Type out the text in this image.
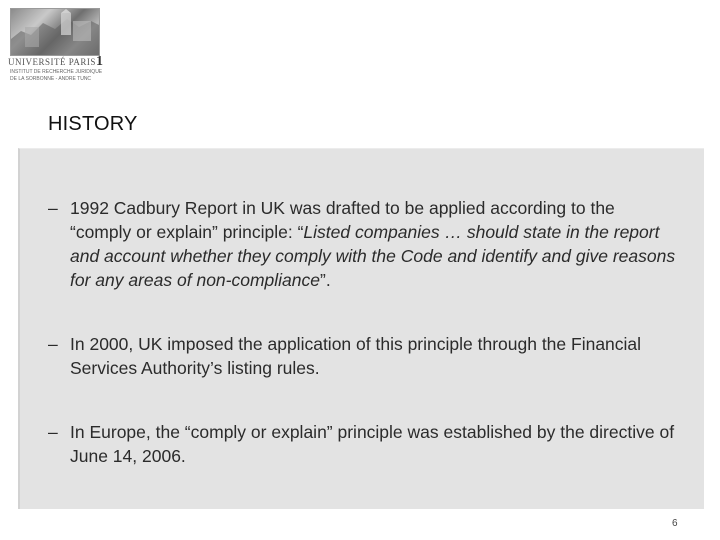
UNIVERSITÉ PARIS1
INSTITUT DE RECHERCHE JURIDIQUE
DE LA SORBONNE - ANDRÉ TUNC
HISTORY
– 1992 Cadbury Report in UK was drafted to be applied according to the “comply or explain” principle: “Listed companies … should state in the report and account whether they comply with the Code and identify and give reasons for any areas of non-compliance”.
– In 2000, UK imposed the application of this principle through the Financial Services Authority’s listing rules.
– In Europe, the “comply or explain” principle was established by the directive of June 14, 2006.
6
